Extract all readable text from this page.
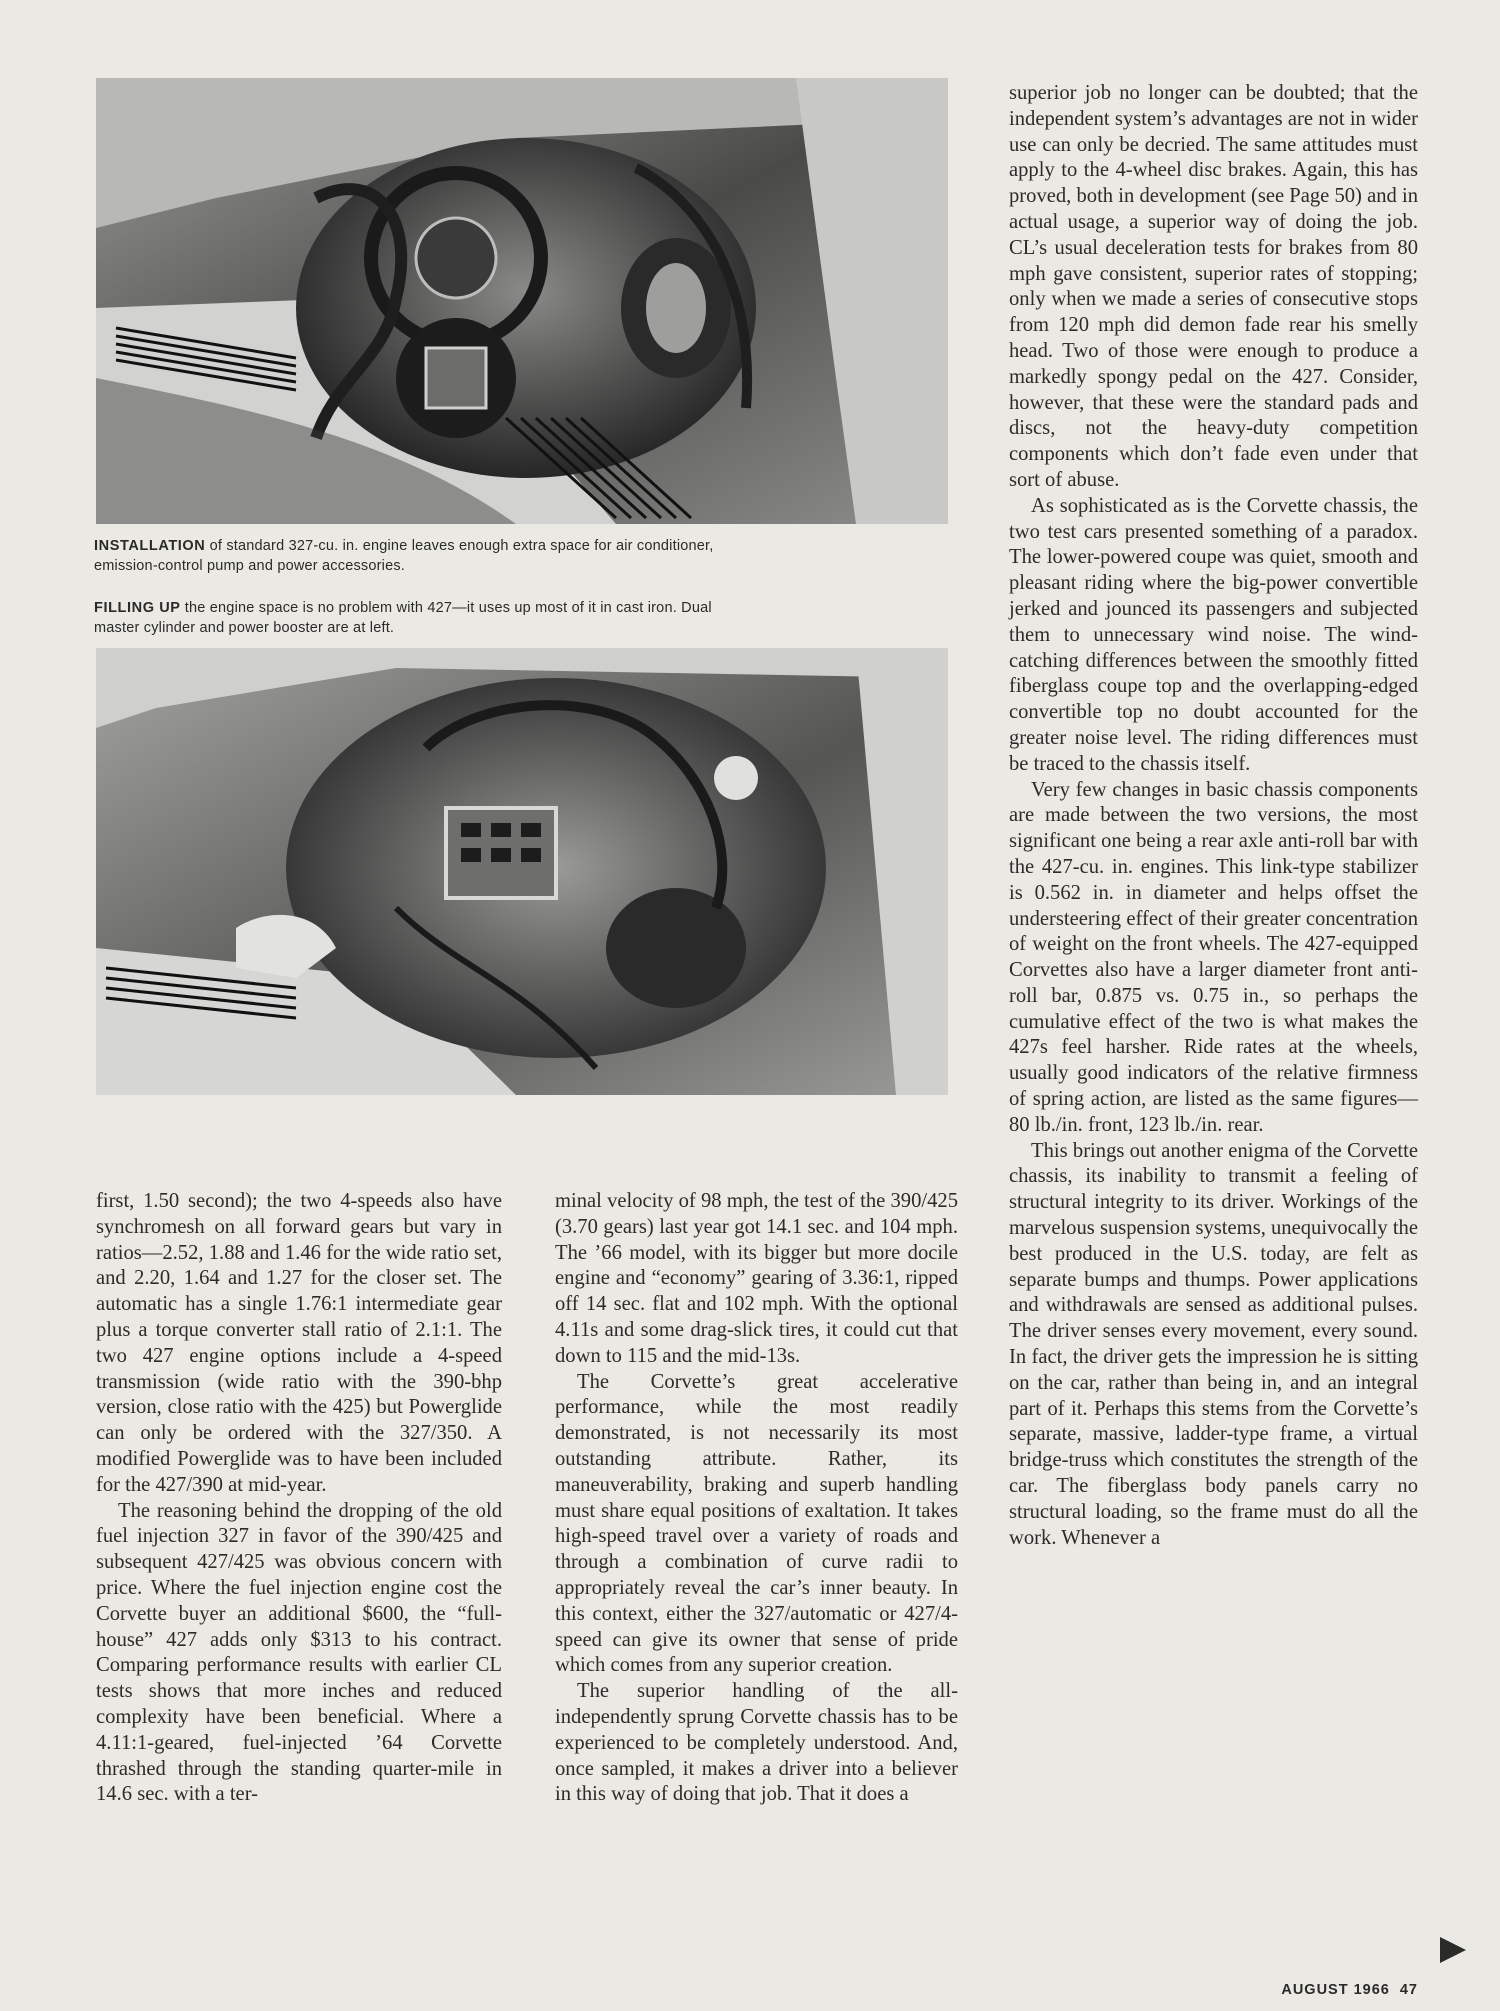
INSTALLATION of standard 327-cu. in. engine leaves enough extra space for air conditioner, emission-control pump and power accessories.
FILLING UP the engine space is no problem with 427—it uses up most of it in cast iron. Dual master cylinder and power booster are at left.

first, 1.50 second); the two 4-speeds also have synchromesh on all forward gears but vary in ratios—2.52, 1.88 and 1.46 for the wide ratio set, and 2.20, 1.64 and 1.27 for the closer set. The automatic has a single 1.76:1 intermediate gear plus a torque converter stall ratio of 2.1:1. The two 427 engine options include a 4-speed transmission (wide ratio with the 390-bhp version, close ratio with the 425) but Powerglide can only be ordered with the 327/350. A modified Powerglide was to have been included for the 427/390 at mid-year.

The reasoning behind the dropping of the old fuel injection 327 in favor of the 390/425 and subsequent 427/425 was obvious concern with price. Where the fuel injection engine cost the Corvette buyer an additional $600, the “full-house” 427 adds only $313 to his contract. Comparing performance results with earlier CL tests shows that more inches and reduced complexity have been beneficial. Where a 4.11:1-geared, fuel-injected ’64 Corvette thrashed through the standing quarter-mile in 14.6 sec. with a ter-

minal velocity of 98 mph, the test of the 390/425 (3.70 gears) last year got 14.1 sec. and 104 mph. The ’66 model, with its bigger but more docile engine and “economy” gearing of 3.36:1, ripped off 14 sec. flat and 102 mph. With the optional 4.11s and some drag-slick tires, it could cut that down to 115 and the mid-13s.

The Corvette’s great accelerative performance, while the most readily demonstrated, is not necessarily its most outstanding attribute. Rather, its maneuverability, braking and superb handling must share equal positions of exaltation. It takes high-speed travel over a variety of roads and through a combination of curve radii to appropriately reveal the car’s inner beauty. In this context, either the 327/automatic or 427/4-speed can give its owner that sense of pride which comes from any superior creation.

The superior handling of the all-independently sprung Corvette chassis has to be experienced to be completely understood. And, once sampled, it makes a driver into a believer in this way of doing that job. That it does a

superior job no longer can be doubted; that the independent system’s advantages are not in wider use can only be decried. The same attitudes must apply to the 4-wheel disc brakes. Again, this has proved, both in development (see Page 50) and in actual usage, a superior way of doing the job. CL’s usual deceleration tests for brakes from 80 mph gave consistent, superior rates of stopping; only when we made a series of consecutive stops from 120 mph did demon fade rear his smelly head. Two of those were enough to produce a markedly spongy pedal on the 427. Consider, however, that these were the standard pads and discs, not the heavy-duty competition components which don’t fade even under that sort of abuse.

As sophisticated as is the Corvette chassis, the two test cars presented something of a paradox. The lower-powered coupe was quiet, smooth and pleasant riding where the big-power convertible jerked and jounced its passengers and subjected them to unnecessary wind noise. The wind-catching differences between the smoothly fitted fiberglass coupe top and the overlapping-edged convertible top no doubt accounted for the greater noise level. The riding differences must be traced to the chassis itself.

Very few changes in basic chassis components are made between the two versions, the most significant one being a rear axle anti-roll bar with the 427-cu. in. engines. This link-type stabilizer is 0.562 in. in diameter and helps offset the understeering effect of their greater concentration of weight on the front wheels. The 427-equipped Corvettes also have a larger diameter front anti-roll bar, 0.875 vs. 0.75 in., so perhaps the cumulative effect of the two is what makes the 427s feel harsher. Ride rates at the wheels, usually good indicators of the relative firmness of spring action, are listed as the same figures—80 lb./in. front, 123 lb./in. rear.

This brings out another enigma of the Corvette chassis, its inability to transmit a feeling of structural integrity to its driver. Workings of the marvelous suspension systems, unequivocally the best produced in the U.S. today, are felt as separate bumps and thumps. Power applications and withdrawals are sensed as additional pulses. The driver senses every movement, every sound. In fact, the driver gets the impression he is sitting on the car, rather than being in, and an integral part of it. Perhaps this stems from the Corvette’s separate, massive, ladder-type frame, a virtual bridge-truss which constitutes the strength of the car. The fiberglass body panels carry no structural loading, so the frame must do all the work. Whenever a

AUGUST 1966 47
